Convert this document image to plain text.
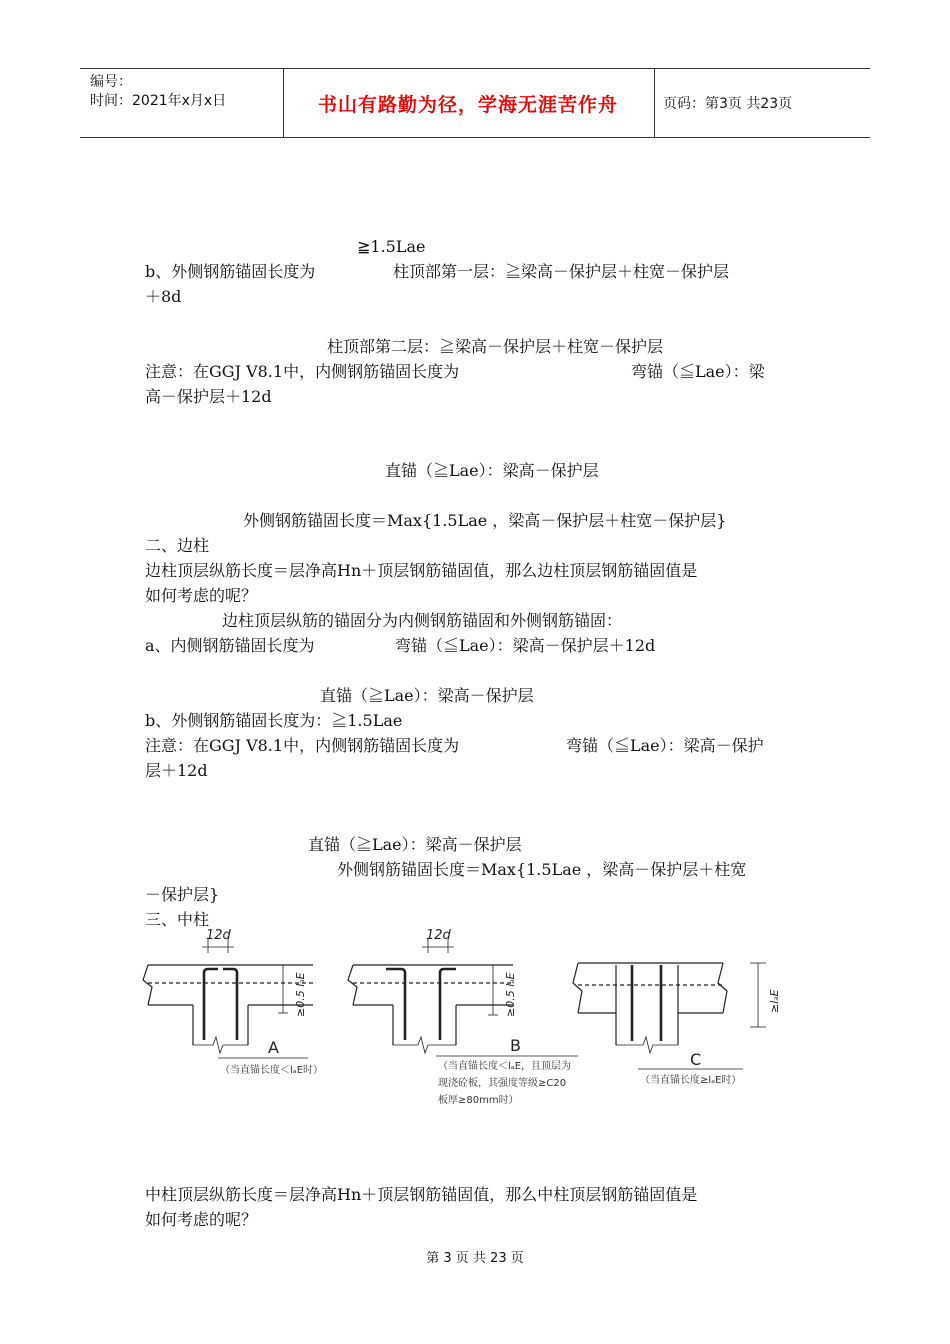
编号：
时间：2021年x月x日	书山有路勤为径，学海无涯苦作舟	页码：第3页 共23页
≧1.5Lae
b、外侧钢筋锚固长度为	柱顶部第一层：≧梁高－保护层＋柱宽－保护层
＋8d
柱顶部第二层：≧梁高－保护层＋柱宽－保护层
注意：在GGJ V8.1中，内侧钢筋锚固长度为	弯锚（≦Lae）：梁
高－保护层＋12d
直锚（≧Lae）：梁高－保护层
外侧钢筋锚固长度＝Max{1.5Lae ，梁高－保护层＋柱宽－保护层}
二、边柱
边柱顶层纵筋长度＝层净高Hn＋顶层钢筋锚固值，那么边柱顶层钢筋锚固值是
如何考虑的呢？
边柱顶层纵筋的锚固分为内侧钢筋锚固和外侧钢筋锚固：
a、内侧钢筋锚固长度为	弯锚（≦Lae）：梁高－保护层＋12d
直锚（≧Lae）：梁高－保护层
b、外侧钢筋锚固长度为：≧1.5Lae
注意：在GGJ V8.1中，内侧钢筋锚固长度为	弯锚（≦Lae）：梁高－保护
层＋12d
直锚（≧Lae）：梁高－保护层
外侧钢筋锚固长度＝Max{1.5Lae ，梁高－保护层＋柱宽
－保护层}
三、中柱
12d	12d
≥0.5 lₐE	≥0.5 lₐE	≥lₐE
A	B
C
（当直锚长度＜lₐE时）	（当直锚长度＜lₐE，且顶层为
现浇砼板，其强度等级≥C20
板厚≥80mm时）
（当直锚长度≥lₐE时）
中柱顶层纵筋长度＝层净高Hn＋顶层钢筋锚固值，那么中柱顶层钢筋锚固值是
如何考虑的呢？
第 3 页 共 23 页
